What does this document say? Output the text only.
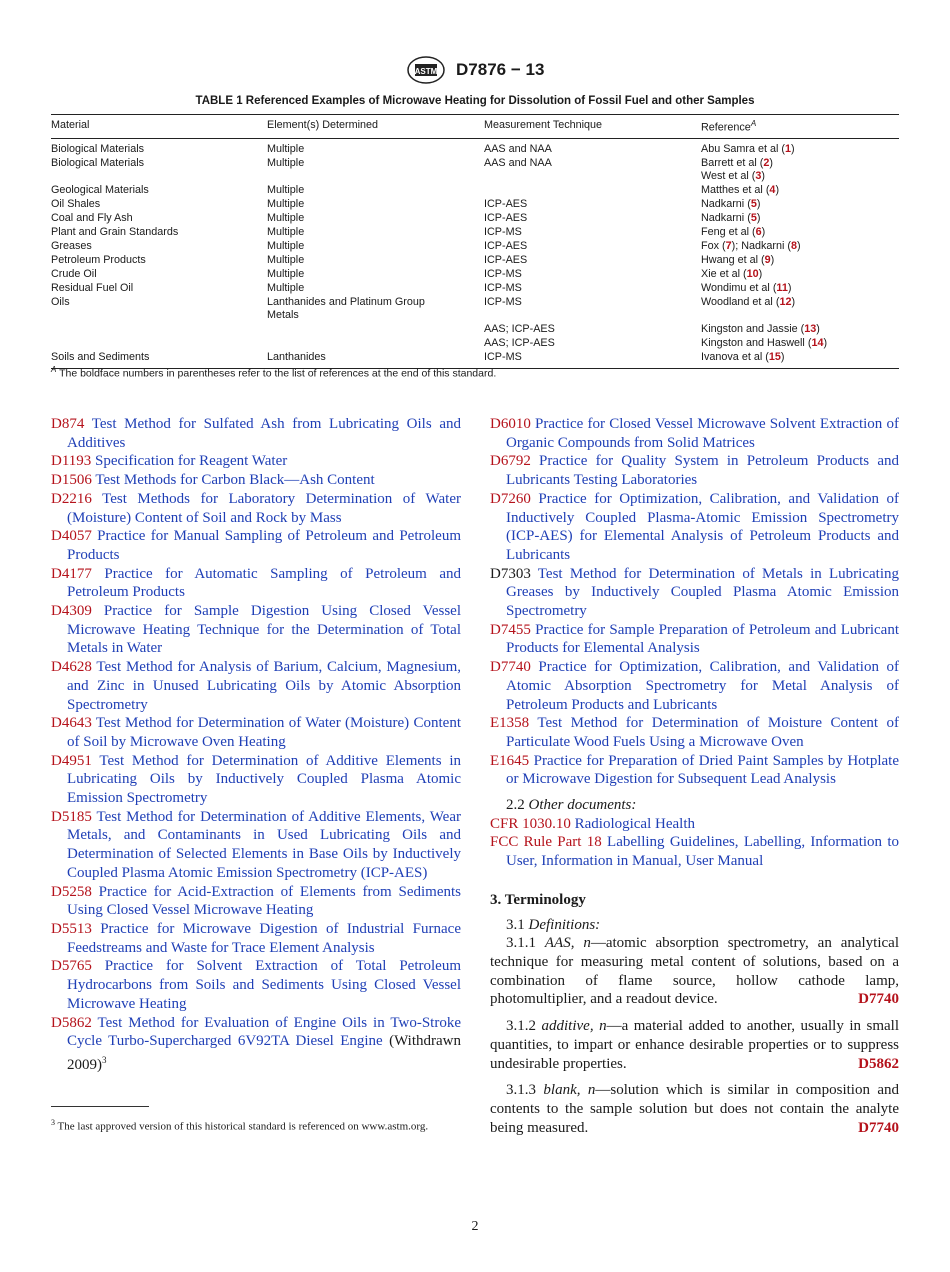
ASTM D7876 − 13
TABLE 1 Referenced Examples of Microwave Heating for Dissolution of Fossil Fuel and other Samples
Material	Element(s) Determined	Measurement Technique	Reference$^A$
Biological Materials	Multiple	AAS and NAA	Abu Samra et al (1)
Biological Materials	Multiple	AAS and NAA	Barrett et al (2)
			West et al (3)
Geological Materials	Multiple		Matthes et al (4)
Oil Shales	Multiple	ICP-AES	Nadkarni (5)
Coal and Fly Ash	Multiple	ICP-AES	Nadkarni (5)
Plant and Grain Standards	Multiple	ICP-MS	Feng et al (6)
Greases	Multiple	ICP-AES	Fox (7); Nadkarni (8)
Petroleum Products	Multiple	ICP-AES	Hwang et al (9)
Crude Oil	Multiple	ICP-MS	Xie et al (10)
Residual Fuel Oil	Multiple	ICP-MS	Wondimu et al (11)
Oils	Lanthanides and Platinum Group	ICP-MS	Woodland et al (12)
	Metals		
		AAS; ICP-AES	Kingston and Jassie (13)
		AAS; ICP-AES	Kingston and Haswell (14)
Soils and Sediments	Lanthanides	ICP-MS	Ivanova et al (15)
$^A$ The boldface numbers in parentheses refer to the list of references at the end of this standard.

D874 Test Method for Sulfated Ash from Lubricating Oils and Additives

D1193 Specification for Reagent Water

D1506 Test Methods for Carbon Black—Ash Content

D2216 Test Methods for Laboratory Determination of Water (Moisture) Content of Soil and Rock by Mass

D4057 Practice for Manual Sampling of Petroleum and Petroleum Products

D4177 Practice for Automatic Sampling of Petroleum and Petroleum Products

D4309 Practice for Sample Digestion Using Closed Vessel Microwave Heating Technique for the Determination of Total Metals in Water

D4628 Test Method for Analysis of Barium, Calcium, Magnesium, and Zinc in Unused Lubricating Oils by Atomic Absorption Spectrometry

D4643 Test Method for Determination of Water (Moisture) Content of Soil by Microwave Oven Heating

D4951 Test Method for Determination of Additive Elements in Lubricating Oils by Inductively Coupled Plasma Atomic Emission Spectrometry

D5185 Test Method for Determination of Additive Elements, Wear Metals, and Contaminants in Used Lubricating Oils and Determination of Selected Elements in Base Oils by Inductively Coupled Plasma Atomic Emission Spectrometry (ICP-AES)

D5258 Practice for Acid-Extraction of Elements from Sediments Using Closed Vessel Microwave Heating

D5513 Practice for Microwave Digestion of Industrial Furnace Feedstreams and Waste for Trace Element Analysis

D5765 Practice for Solvent Extraction of Total Petroleum Hydrocarbons from Soils and Sediments Using Closed Vessel Microwave Heating

D5862 Test Method for Evaluation of Engine Oils in Two-Stroke Cycle Turbo-Supercharged 6V92TA Diesel Engine (Withdrawn 2009)$^3$

$^3$ The last approved version of this historical standard is referenced on www.astm.org.

D6010 Practice for Closed Vessel Microwave Solvent Extraction of Organic Compounds from Solid Matrices

D6792 Practice for Quality System in Petroleum Products and Lubricants Testing Laboratories

D7260 Practice for Optimization, Calibration, and Validation of Inductively Coupled Plasma-Atomic Emission Spectrometry (ICP-AES) for Elemental Analysis of Petroleum Products and Lubricants

D7303 Test Method for Determination of Metals in Lubricating Greases by Inductively Coupled Plasma Atomic Emission Spectrometry

D7455 Practice for Sample Preparation of Petroleum and Lubricant Products for Elemental Analysis

D7740 Practice for Optimization, Calibration, and Validation of Atomic Absorption Spectrometry for Metal Analysis of Petroleum Products and Lubricants

E1358 Test Method for Determination of Moisture Content of Particulate Wood Fuels Using a Microwave Oven

E1645 Practice for Preparation of Dried Paint Samples by Hotplate or Microwave Digestion for Subsequent Lead Analysis

2.2 Other documents:

CFR 1030.10 Radiological Health

FCC Rule Part 18 Labelling Guidelines, Labelling, Information to User, Information in Manual, User Manual

3. Terminology

3.1 Definitions:

3.1.1 AAS, n—atomic absorption spectrometry, an analytical technique for measuring metal content of solutions, based on a combination of flame source, hollow cathode lamp, photomultiplier, and a readout device.	D7740

3.1.2 additive, n—a material added to another, usually in small quantities, to impart or enhance desirable properties or to suppress undesirable properties.	D5862

3.1.3 blank, n—solution which is similar in composition and contents to the sample solution but does not contain the analyte being measured.	D7740

2
